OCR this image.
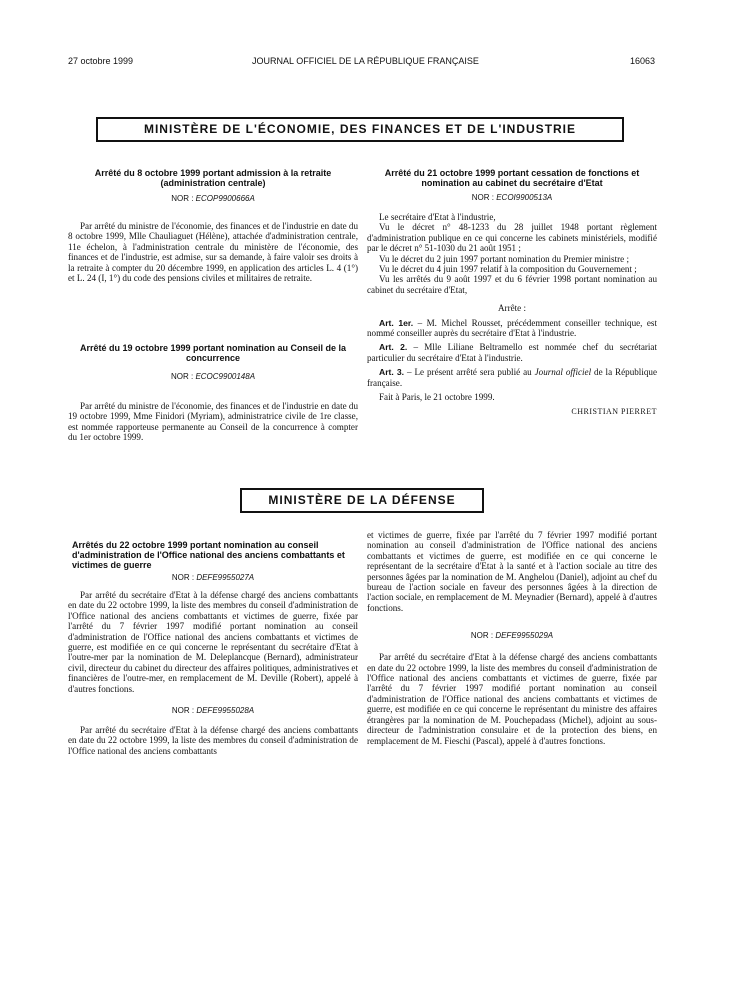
27 octobre 1999	JOURNAL OFFICIEL DE LA RÉPUBLIQUE FRANÇAISE	16063
MINISTÈRE DE L'ÉCONOMIE, DES FINANCES ET DE L'INDUSTRIE

Arrêté du 8 octobre 1999 portant admission à la retraite (administration centrale)

NOR : ECOP9900666A

Par arrêté du ministre de l'économie, des finances et de l'industrie en date du 8 octobre 1999, Mlle Chauliaguet (Hélène), attachée d'administration centrale, 11e échelon, à l'administration centrale du ministère de l'économie, des finances et de l'industrie, est admise, sur sa demande, à faire valoir ses droits à la retraite à compter du 20 décembre 1999, en application des articles L. 4 (1°) et L. 24 (I, 1°) du code des pensions civiles et militaires de retraite.

Arrêté du 19 octobre 1999 portant nomination au Conseil de la concurrence

NOR : ECOC9900148A

Par arrêté du ministre de l'économie, des finances et de l'industrie en date du 19 octobre 1999, Mme Finidori (Myriam), administratrice civile de 1re classe, est nommée rapporteuse permanente au Conseil de la concurrence à compter du 1er octobre 1999.

Arrêté du 21 octobre 1999 portant cessation de fonctions et nomination au cabinet du secrétaire d'Etat

NOR : ECOI9900513A

Le secrétaire d'Etat à l'industrie,

Vu le décret n° 48-1233 du 28 juillet 1948 portant règlement d'administration publique en ce qui concerne les cabinets ministériels, modifié par le décret n° 51-1030 du 21 août 1951 ;

Vu le décret du 2 juin 1997 portant nomination du Premier ministre ;

Vu le décret du 4 juin 1997 relatif à la composition du Gouvernement ;

Vu les arrêtés du 9 août 1997 et du 6 février 1998 portant nomination au cabinet du secrétaire d'Etat,

Arrête :

Art. 1er. – M. Michel Rousset, précédemment conseiller technique, est nommé conseiller auprès du secrétaire d'Etat à l'industrie.

Art. 2. – Mlle Liliane Beltramello est nommée chef du secrétariat particulier du secrétaire d'Etat à l'industrie.

Art. 3. – Le présent arrêté sera publié au Journal officiel de la République française.

Fait à Paris, le 21 octobre 1999.

CHRISTIAN PIERRET

MINISTÈRE DE LA DÉFENSE

Arrêtés du 22 octobre 1999 portant nomination au conseil d'administration de l'Office national des anciens combattants et victimes de guerre

NOR : DEFE9955027A

Par arrêté du secrétaire d'Etat à la défense chargé des anciens combattants en date du 22 octobre 1999, la liste des membres du conseil d'administration de l'Office national des anciens combattants et victimes de guerre, fixée par l'arrêté du 7 février 1997 modifié portant nomination au conseil d'administration de l'Office national des anciens combattants et victimes de guerre, est modifiée en ce qui concerne le représentant du secrétaire d'Etat à l'outre-mer par la nomination de M. Deleplancque (Bernard), administrateur civil, directeur du cabinet du directeur des affaires politiques, administratives et financières de l'outre-mer, en remplacement de M. Deville (Robert), appelé à d'autres fonctions.

NOR : DEFE9955028A

Par arrêté du secrétaire d'Etat à la défense chargé des anciens combattants en date du 22 octobre 1999, la liste des membres du conseil d'administration de l'Office national des anciens combattants

et victimes de guerre, fixée par l'arrêté du 7 février 1997 modifié portant nomination au conseil d'administration de l'Office national des anciens combattants et victimes de guerre, est modifiée en ce qui concerne le représentant de la secrétaire d'Etat à la santé et à l'action sociale au titre des personnes âgées par la nomination de M. Anghelou (Daniel), adjoint au chef du bureau de l'action sociale en faveur des personnes âgées à la direction de l'action sociale, en remplacement de M. Meynadier (Bernard), appelé à d'autres fonctions.

NOR : DEFE9955029A

Par arrêté du secrétaire d'Etat à la défense chargé des anciens combattants en date du 22 octobre 1999, la liste des membres du conseil d'administration de l'Office national des anciens combattants et victimes de guerre, fixée par l'arrêté du 7 février 1997 modifié portant nomination au conseil d'administration de l'Office national des anciens combattants et victimes de guerre, est modifiée en ce qui concerne le représentant du ministre des affaires étrangères par la nomination de M. Pouchepadass (Michel), adjoint au sous-directeur de l'administration consulaire et de la protection des biens, en remplacement de M. Fieschi (Pascal), appelé à d'autres fonctions.
